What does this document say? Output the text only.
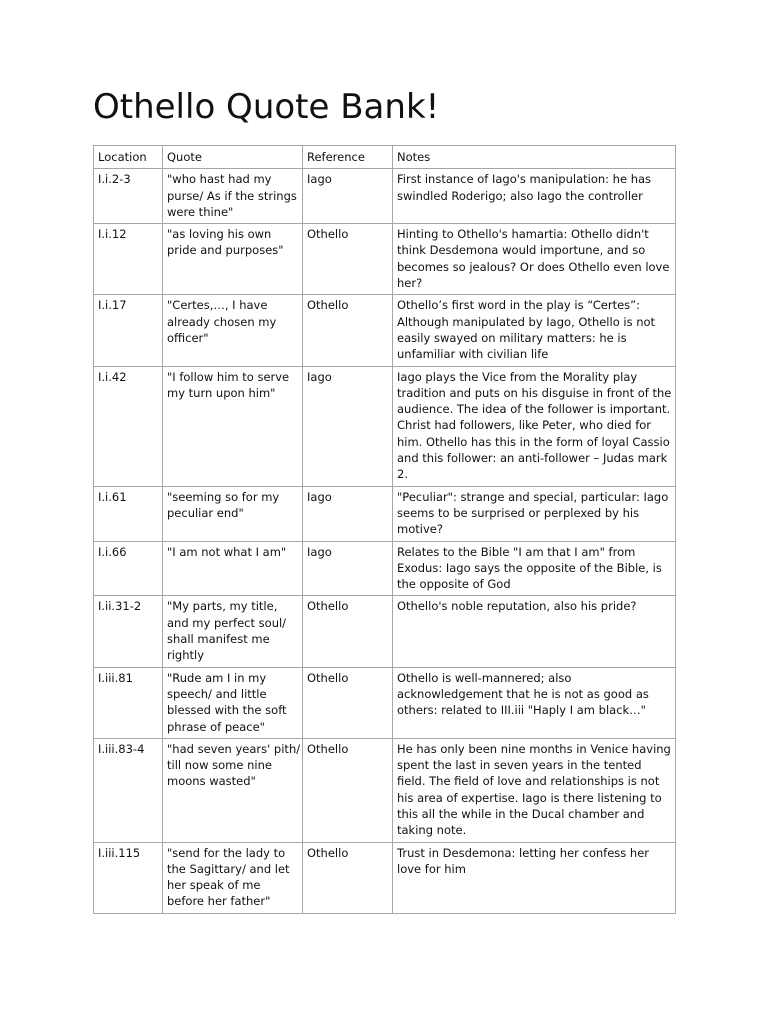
Othello Quote Bank!
Location	Quote	Reference	Notes
I.i.2-3	"who hast had my purse/ As if the strings were thine"	Iago	First instance of Iago's manipulation: he has swindled Roderigo; also Iago the controller
I.i.12	"as loving his own pride and purposes"	Othello	Hinting to Othello's hamartia: Othello didn't think Desdemona would importune, and so becomes so jealous? Or does Othello even love her?
I.i.17	"Certes,…, I have already chosen my officer"	Othello	Othello’s first word in the play is “Certes”: Although manipulated by Iago, Othello is not easily swayed on military matters: he is unfamiliar with civilian life
I.i.42	"I follow him to serve my turn upon him"	Iago	Iago plays the Vice from the Morality play tradition and puts on his disguise in front of the audience. The idea of the follower is important. Christ had followers, like Peter, who died for him. Othello has this in the form of loyal Cassio and this follower: an anti-follower – Judas mark 2.
I.i.61	"seeming so for my peculiar end"	Iago	"Peculiar": strange and special, particular: Iago seems to be surprised or perplexed by his motive?
I.i.66	"I am not what I am"	Iago	Relates to the Bible "I am that I am" from Exodus: Iago says the opposite of the Bible, is the opposite of God
I.ii.31-2	"My parts, my title, and my perfect soul/ shall manifest me rightly	Othello	Othello's noble reputation, also his pride?
I.iii.81	"Rude am I in my speech/ and little blessed with the soft phrase of peace"	Othello	Othello is well-mannered; also acknowledgement that he is not as good as others: related to III.iii "Haply I am black…"
I.iii.83-4	"had seven years' pith/ till now some nine moons wasted"	Othello	He has only been nine months in Venice having spent the last in seven years in the tented field. The field of love and relationships is not his area of expertise. Iago is there listening to this all the while in the Ducal chamber and taking note.
I.iii.115	"send for the lady to the Sagittary/ and let her speak of me before her father"	Othello	Trust in Desdemona: letting her confess her love for him
